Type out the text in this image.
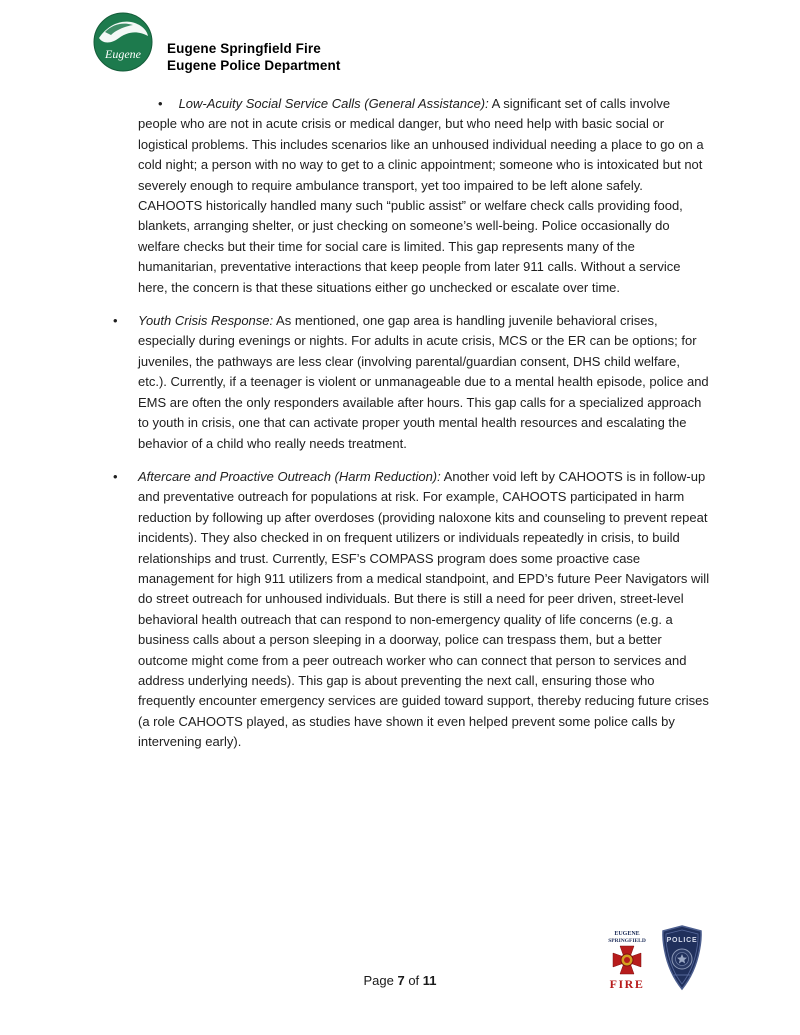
Eugene Eugene Springfield Fire
Eugene Police Department

• Low-Acuity Social Service Calls (General Assistance): A significant set of calls involve people who are not in acute crisis or medical danger, but who need help with basic social or logistical problems. This includes scenarios like an unhoused individual needing a place to go on a cold night; a person with no way to get to a clinic appointment; someone who is intoxicated but not severely enough to require ambulance transport, yet too impaired to be left alone safely. CAHOOTS historically handled many such “public assist” or welfare check calls providing food, blankets, arranging shelter, or just checking on someone’s well-being. Police occasionally do welfare checks but their time for social care is limited. This gap represents many of the humanitarian, preventative interactions that keep people from later 911 calls. Without a service here, the concern is that these situations either go unchecked or escalate over time.

•	Youth Crisis Response: As mentioned, one gap area is handling juvenile behavioral crises, especially during evenings or nights. For adults in acute crisis, MCS or the ER can be options; for juveniles, the pathways are less clear (involving parental/guardian consent, DHS child welfare, etc.). Currently, if a teenager is violent or unmanageable due to a mental health episode, police and EMS are often the only responders available after hours. This gap calls for a specialized approach to youth in crisis, one that can activate proper youth mental health resources and escalating the behavior of a child who really needs treatment.

•	Aftercare and Proactive Outreach (Harm Reduction): Another void left by CAHOOTS is in follow-up and preventative outreach for populations at risk. For example, CAHOOTS participated in harm reduction by following up after overdoses (providing naloxone kits and counseling to prevent repeat incidents). They also checked in on frequent utilizers or individuals repeatedly in crisis, to build relationships and trust. Currently, ESF’s COMPASS program does some proactive case management for high 911 utilizers from a medical standpoint, and EPD’s future Peer Navigators will do street outreach for unhoused individuals. But there is still a need for peer driven, street-level behavioral health outreach that can respond to non-emergency quality of life concerns (e.g. a business calls about a person sleeping in a doorway, police can trespass them, but a better outcome might come from a peer outreach worker who can connect that person to services and address underlying needs). This gap is about preventing the next call, ensuring those who frequently encounter emergency services are guided toward support, thereby reducing future crises (a role CAHOOTS played, as studies have shown it even helped prevent some police calls by intervening early).

EUGENE
SPRINGFIELD
FIRE
POLICE
Page 7 of 11
